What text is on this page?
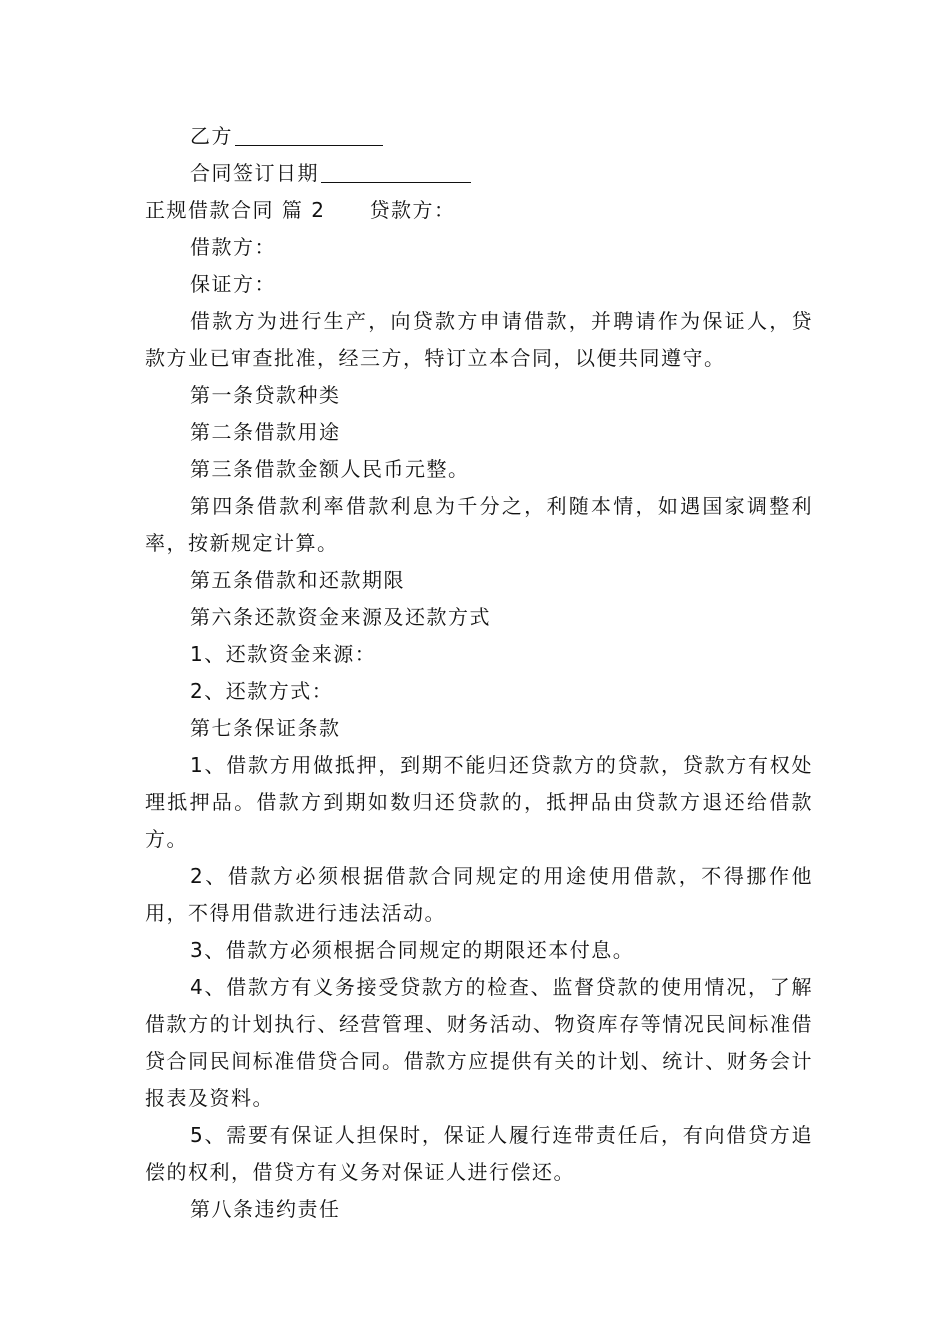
乙方

合同签订日期

正规借款合同 篇 2 贷款方：

借款方：

保证方：

借款方为进行生产，向贷款方申请借款，并聘请作为保证人，贷款方业已审查批准，经三方，特订立本合同，以便共同遵守。

第一条贷款种类

第二条借款用途

第三条借款金额人民币元整。

第四条借款利率借款利息为千分之，利随本情，如遇国家调整利率，按新规定计算。

第五条借款和还款期限

第六条还款资金来源及还款方式

1、还款资金来源：

2、还款方式：

第七条保证条款

1、借款方用做抵押，到期不能归还贷款方的贷款，贷款方有权处理抵押品。借款方到期如数归还贷款的，抵押品由贷款方退还给借款方。

2、借款方必须根据借款合同规定的用途使用借款，不得挪作他用，不得用借款进行违法活动。

3、借款方必须根据合同规定的期限还本付息。

4、借款方有义务接受贷款方的检查、监督贷款的使用情况，了解借款方的计划执行、经营管理、财务活动、物资库存等情况民间标准借贷合同民间标准借贷合同。借款方应提供有关的计划、统计、财务会计报表及资料。

5、需要有保证人担保时，保证人履行连带责任后，有向借贷方追偿的权利，借贷方有义务对保证人进行偿还。

第八条违约责任
